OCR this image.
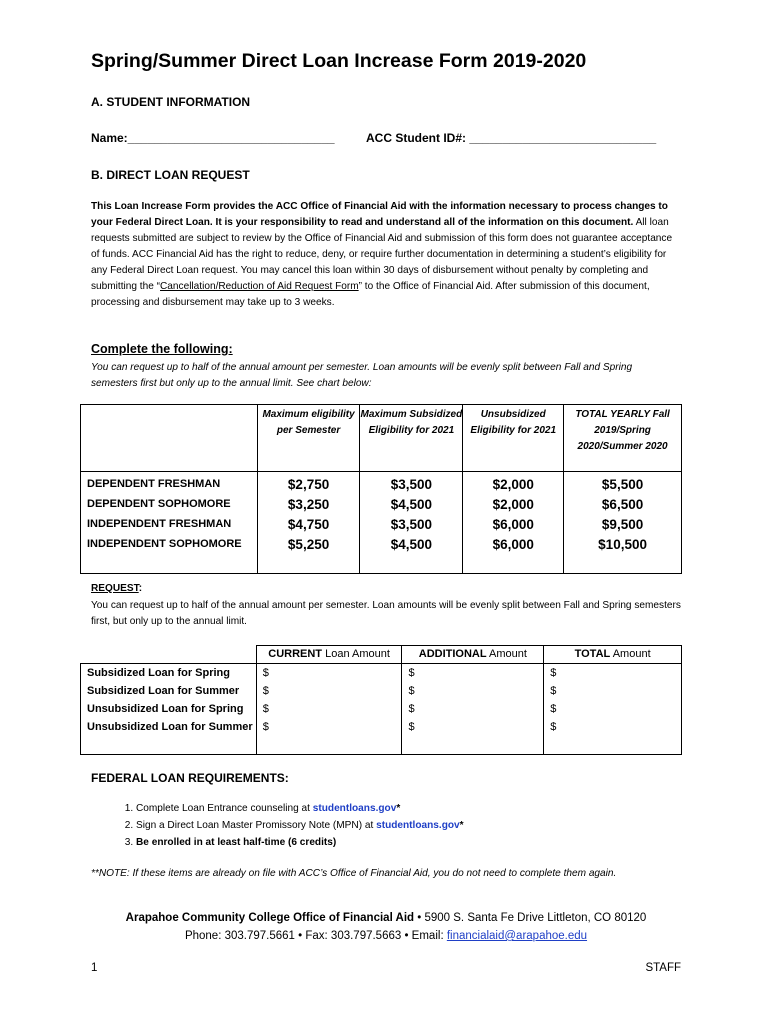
Spring/Summer Direct Loan Increase Form 2019-2020
A. STUDENT INFORMATION
Name:_______________________________	ACC Student ID#: ____________________________
B. DIRECT LOAN REQUEST
This Loan Increase Form provides the ACC Office of Financial Aid with the information necessary to process changes to your Federal Direct Loan. It is your responsibility to read and understand all of the information on this document. All loan requests submitted are subject to review by the Office of Financial Aid and submission of this form does not guarantee acceptance of funds. ACC Financial Aid has the right to reduce, deny, or require further documentation in determining a student’s eligibility for any Federal Direct Loan request. You may cancel this loan within 30 days of disbursement without penalty by completing and submitting the “Cancellation/Reduction of Aid Request Form” to the Office of Financial Aid. After submission of this document, processing and disbursement may take up to 3 weeks.
Complete the following:
You can request up to half of the annual amount per semester. Loan amounts will be evenly split between Fall and Spring semesters first but only up to the annual limit. See chart below:
	Maximum eligibility per Semester	Maximum Subsidized Eligibility for 2021	Unsubsidized Eligibility for 2021	TOTAL YEARLY Fall 2019/Spring 2020/Summer 2020
DEPENDENT FRESHMAN	$2,750	$3,500	$2,000	$5,500
DEPENDENT SOPHOMORE	$3,250	$4,500	$2,000	$6,500
INDEPENDENT FRESHMAN	$4,750	$3,500	$6,000	$9,500
INDEPENDENT SOPHOMORE	$5,250	$4,500	$6,000	$10,500
REQUEST:
You can request up to half of the annual amount per semester. Loan amounts will be evenly split between Fall and Spring semesters first, but only up to the annual limit.
	CURRENT Loan Amount	ADDITIONAL Amount	TOTAL Amount
Subsidized Loan for Spring	$	$	$
Subsidized Loan for Summer	$	$	$
Unsubsidized Loan for Spring	$	$	$
Unsubsidized Loan for Summer	$	$	$
FEDERAL LOAN REQUIREMENTS:
1. Complete Loan Entrance counseling at studentloans.gov*
2. Sign a Direct Loan Master Promissory Note (MPN) at studentloans.gov*
3. Be enrolled in at least half-time (6 credits)
**NOTE: If these items are already on file with ACC’s Office of Financial Aid, you do not need to complete them again.
Arapahoe Community College Office of Financial Aid • 5900 S. Santa Fe Drive Littleton, CO 80120
Phone: 303.797.5661 • Fax: 303.797.5663 • Email: financialaid@arapahoe.edu
1	STAFF
